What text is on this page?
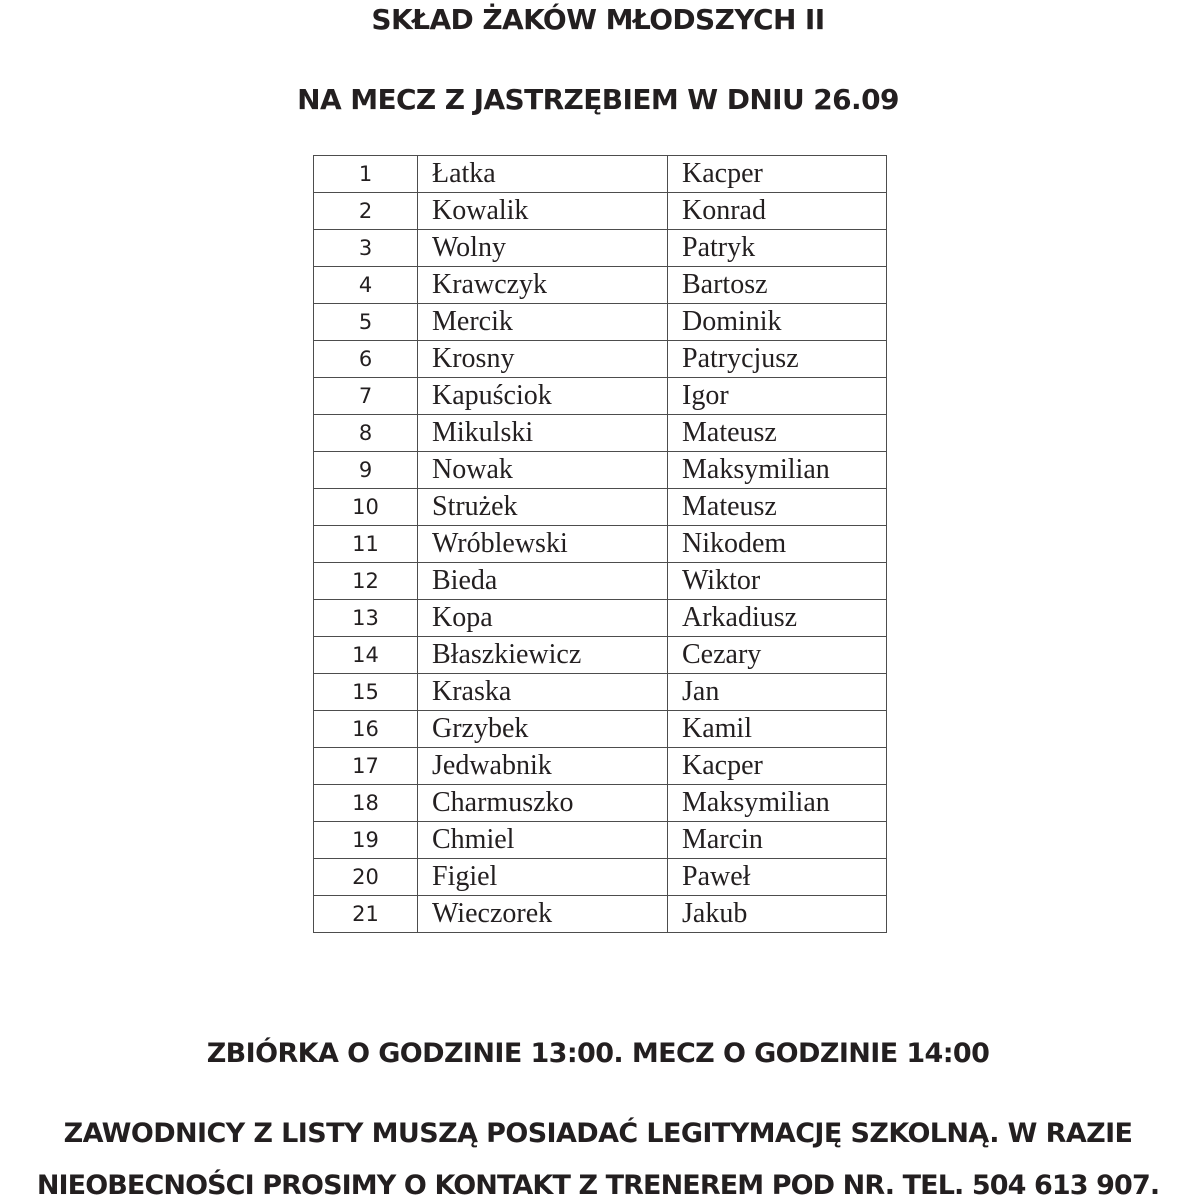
SKŁAD ŻAKÓW MŁODSZYCH II
NA MECZ Z JASTRZĘBIEM W DNIU 26.09
1	Łatka	Kacper
2	Kowalik	Konrad
3	Wolny	Patryk
4	Krawczyk	Bartosz
5	Mercik	Dominik
6	Krosny	Patrycjusz
7	Kapuściok	Igor
8	Mikulski	Mateusz
9	Nowak	Maksymilian
10	Strużek	Mateusz
11	Wróblewski	Nikodem
12	Bieda	Wiktor
13	Kopa	Arkadiusz
14	Błaszkiewicz	Cezary
15	Kraska	Jan
16	Grzybek	Kamil
17	Jedwabnik	Kacper
18	Charmuszko	Maksymilian
19	Chmiel	Marcin
20	Figiel	Paweł
21	Wieczorek	Jakub
ZBIÓRKA O GODZINIE 13:00. MECZ O GODZINIE 14:00
ZAWODNICY Z LISTY MUSZĄ POSIADAĆ LEGITYMACJĘ SZKOLNĄ. W RAZIE
NIEOBECNOŚCI PROSIMY O KONTAKT Z TRENEREM POD NR. TEL. 504 613 907.
